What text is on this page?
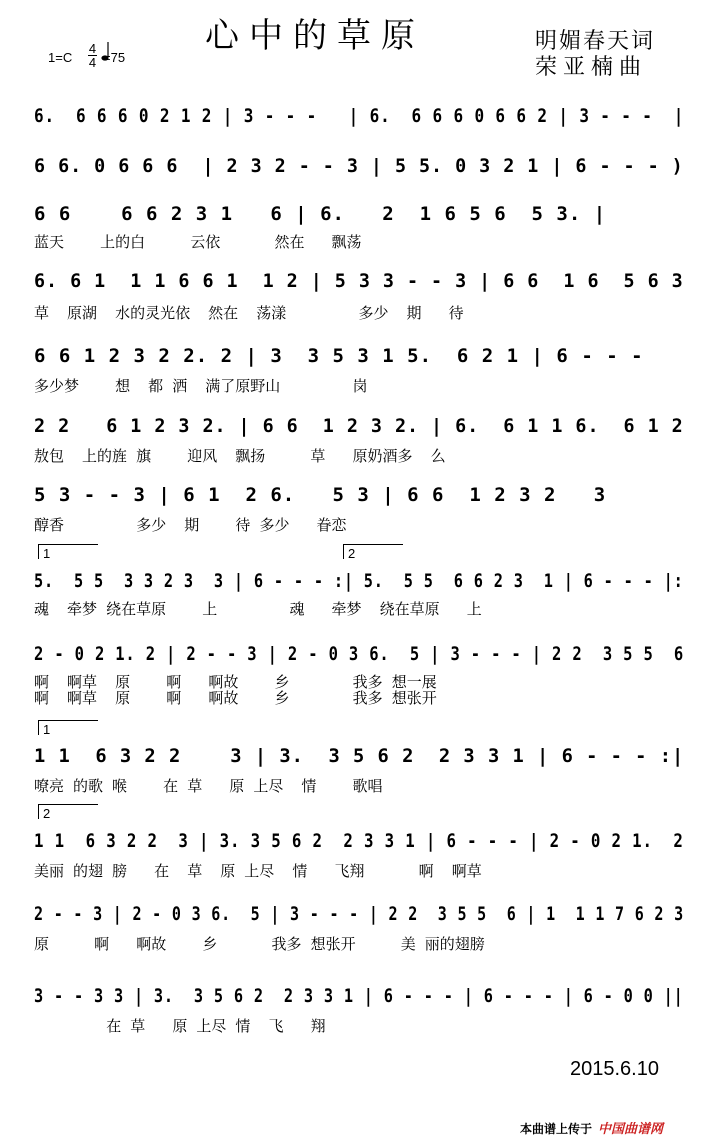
心中的草原	明媚春天词
荣亚楠曲
1=C
4
4 =75
6.  6 6 6 0 2 1 2 | 3 - - -   | 6.  6 6 6 0 6 6 2 | 3 - - -  |
6 6. 0 6 6 6  | 2 3 2 - - 3 | 5 5. 0 3 2 1 | 6 - - - )
6 6    6 6 2 3 1   6 | 6.   2  1 6 5 6  5 3. |
蓝天    上的白     云依      然在   飘荡
6. 6 1  1 1 6 6 1  1 2 | 5 3 3 - - 3 | 6 6  1 6  5 6 3
草  原湖  水的灵光依  然在  荡漾        多少  期   待
6 6 1 2 3 2 2. 2 | 3  3 5 3 1 5.  6 2 1 | 6 - - -
多少梦    想  都 洒  满了原野山        岗
2 2   6 1 2 3 2. | 6 6  1 2 3 2. | 6.  6 1 1 6.  6 1 2
敖包  上的旌 旗    迎风  飘扬     草   原奶酒多  么
5 3 - - 3 | 6 1  2 6.   5 3 | 6 6  1 2 3 2   3
醇香        多少  期    待 多少   眷恋
1	2
5.  5 5  3 3 2 3  3 | 6 - - - :| 5.  5 5  6 6 2 3  1 | 6 - - - |:
魂  牵梦 绕在草原    上        魂   牵梦  绕在草原   上
2 - 0 2 1. 2 | 2 - - 3 | 2 - 0 3 6.  5 | 3 - - - | 2 2  3 5 5  6
啊  啊草  原    啊   啊故    乡       我多 想一展
啊  啊草  原    啊   啊故    乡       我多 想张开
1
1 1  6 3 2 2    3 | 3.  3 5 6 2  2 3 3 1 | 6 - - - :|
嘹亮 的歌 喉    在 草   原 上尽  情    歌唱
2
1 1  6 3 2 2  3 | 3. 3 5 6 2  2 3 3 1 | 6 - - - | 2 - 0 2 1.  2
美丽 的翅 膀   在  草  原 上尽  情   飞翔      啊  啊草
2 - - 3 | 2 - 0 3 6.  5 | 3 - - - | 2 2  3 5 5  6 | 1  1 1 7 6 2 3
原     啊   啊故    乡      我多 想张开     美 丽的翅膀
3 - - 3 3 | 3.  3 5 6 2  2 3 3 1 | 6 - - - | 6 - - - | 6 - 0 0 ||
在 草   原 上尽 情  飞   翔
2015.6.10
本曲谱上传于 中国曲谱网
